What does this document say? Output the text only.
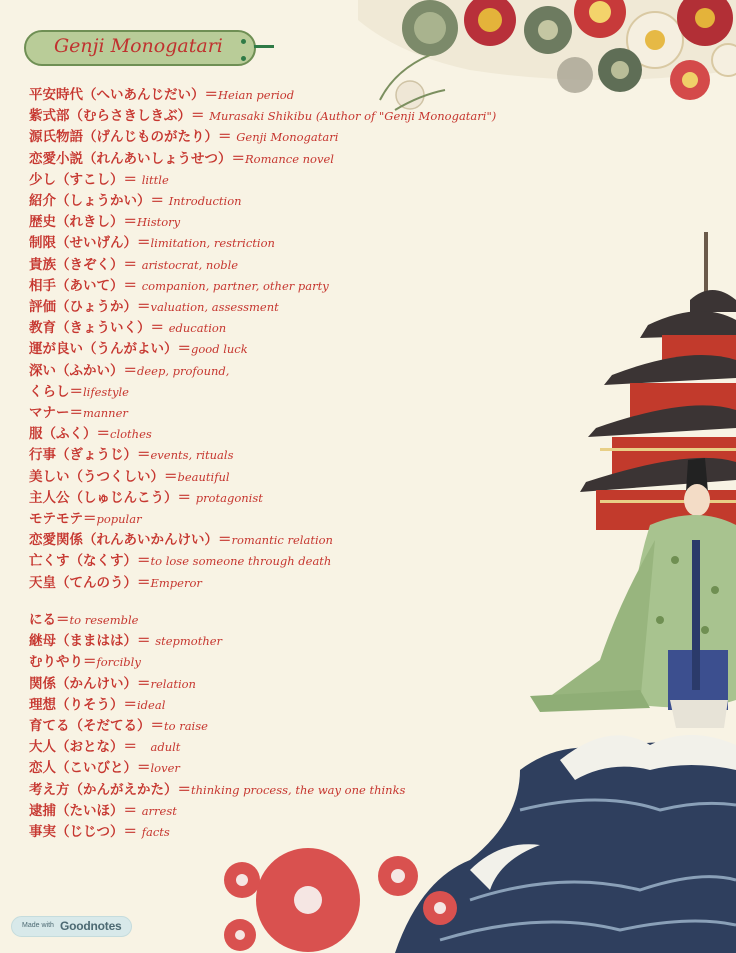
Genji Monogatari
平安時代（へいあんじだい）＝Heian period
紫式部（むらさきしきぶ）＝ Murasaki Shikibu (Author of "Genji Monogatari")
源氏物語（げんじものがたり）＝ Genji Monogatari
恋愛小説（れんあいしょうせつ）＝Romance novel
少し（すこし）＝ little
紹介（しょうかい）＝ Introduction
歴史（れきし）＝History
制限（せいげん）＝limitation, restriction
貴族（きぞく）＝ aristocrat, noble
相手（あいて）＝ companion, partner, other party
評価（ひょうか）＝valuation, assessment
教育（きょういく）＝ education
運が良い（うんがよい）＝good luck
深い（ふかい）＝deep, profound,
くらし＝lifestyle
マナー＝manner
服（ふく）＝clothes
行事（ぎょうじ）＝events, rituals
美しい（うつくしい）＝beautiful
主人公（しゅじんこう）＝ protagonist
モテモテ＝popular
恋愛関係（れんあいかんけい）＝romantic relation
亡くす（なくす）＝to lose someone through death
天皇（てんのう）＝Emperor
にる＝to resemble
継母（ままはは）＝ stepmother
むりやり＝forcibly
関係（かんけい）＝relation
理想（りそう）＝ideal
育てる（そだてる）＝to raise
大人（おとな）＝　adult
恋人（こいびと）＝lover
考え方（かんがえかた）＝thinking process, the way one thinks
逮捕（たいほ）＝ arrest
事実（じじつ）＝ facts
Made with Goodnotes
